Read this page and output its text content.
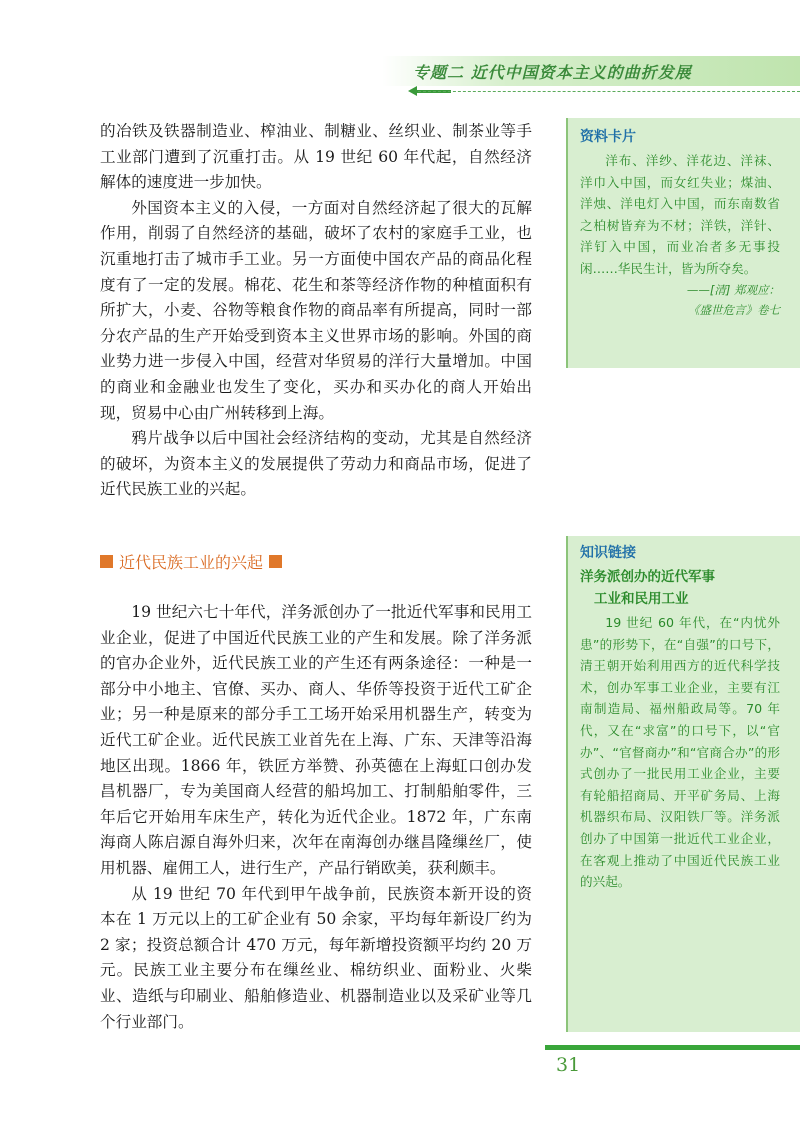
专题二 近代中国资本主义的曲折发展

的冶铁及铁器制造业、榨油业、制糖业、丝织业、制茶业等手工业部门遭到了沉重打击。从 19 世纪 60 年代起，自然经济解体的速度进一步加快。

外国资本主义的入侵，一方面对自然经济起了很大的瓦解作用，削弱了自然经济的基础，破坏了农村的家庭手工业，也沉重地打击了城市手工业。另一方面使中国农产品的商品化程度有了一定的发展。棉花、花生和茶等经济作物的种植面积有所扩大，小麦、谷物等粮食作物的商品率有所提高，同时一部分农产品的生产开始受到资本主义世界市场的影响。外国的商业势力进一步侵入中国，经营对华贸易的洋行大量增加。中国的商业和金融业也发生了变化，买办和买办化的商人开始出现，贸易中心由广州转移到上海。

鸦片战争以后中国社会经济结构的变动，尤其是自然经济的破坏，为资本主义的发展提供了劳动力和商品市场，促进了近代民族工业的兴起。

近代民族工业的兴起

19 世纪六七十年代，洋务派创办了一批近代军事和民用工业企业，促进了中国近代民族工业的产生和发展。除了洋务派的官办企业外，近代民族工业的产生还有两条途径：一种是一部分中小地主、官僚、买办、商人、华侨等投资于近代工矿企业；另一种是原来的部分手工工场开始采用机器生产，转变为近代工矿企业。近代民族工业首先在上海、广东、天津等沿海地区出现。1866 年，铁匠方举赞、孙英德在上海虹口创办发昌机器厂，专为美国商人经营的船坞加工、打制船舶零件，三年后它开始用车床生产，转化为近代企业。1872 年，广东南海商人陈启源自海外归来，次年在南海创办继昌隆缫丝厂，使用机器、雇佣工人，进行生产，产品行销欧美，获利颇丰。

从 19 世纪 70 年代到甲午战争前，民族资本新开设的资本在 1 万元以上的工矿企业有 50 余家，平均每年新设厂约为 2 家；投资总额合计 470 万元，每年新增投资额平均约 20 万元。民族工业主要分布在缫丝业、棉纺织业、面粉业、火柴业、造纸与印刷业、船舶修造业、机器制造业以及采矿业等几个行业部门。

资料卡片

洋布、洋纱、洋花边、洋袜、洋巾入中国，而女红失业；煤油、洋烛、洋电灯入中国，而东南数省之柏树皆弃为不材；洋铁，洋针、洋钉入中国，而业冶者多无事投闲……华民生计，皆为所夺矣。

——[清] 郑观应：

《盛世危言》卷七

知识链接
洋务派创办的近代军事
工业和民用工业

19 世纪 60 年代，在“内忧外患”的形势下，在“自强”的口号下，清王朝开始利用西方的近代科学技术，创办军事工业企业，主要有江南制造局、福州船政局等。70 年代，又在“求富”的口号下，以“官办”、“官督商办”和“官商合办”的形式创办了一批民用工业企业，主要有轮船招商局、开平矿务局、上海机器织布局、汉阳铁厂等。洋务派创办了中国第一批近代工业企业，在客观上推动了中国近代民族工业的兴起。

31
